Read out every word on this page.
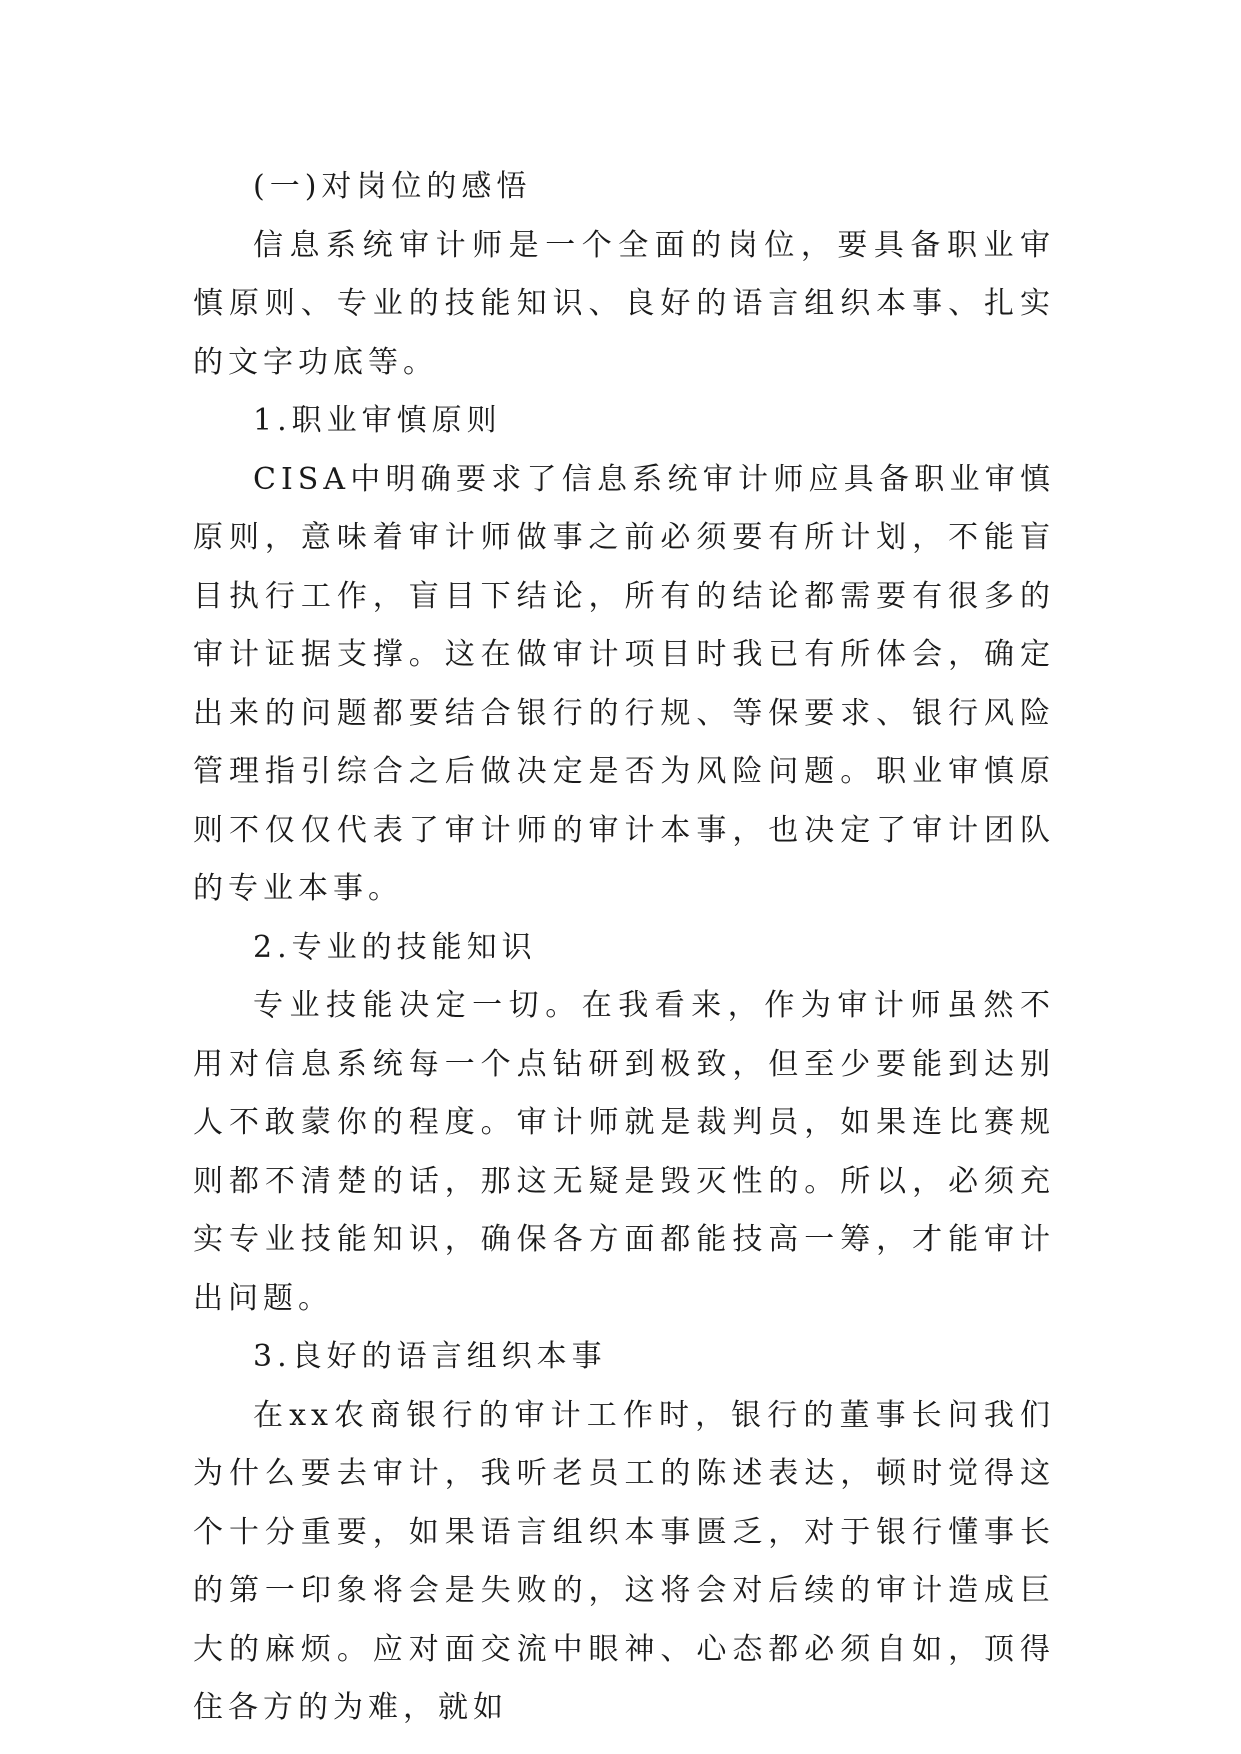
(一)对岗位的感悟

信息系统审计师是一个全面的岗位，要具备职业审慎原则、专业的技能知识、良好的语言组织本事、扎实的文字功底等。

1.职业审慎原则

CISA中明确要求了信息系统审计师应具备职业审慎原则，意味着审计师做事之前必须要有所计划，不能盲目执行工作，盲目下结论，所有的结论都需要有很多的审计证据支撑。这在做审计项目时我已有所体会，确定出来的问题都要结合银行的行规、等保要求、银行风险管理指引综合之后做决定是否为风险问题。职业审慎原则不仅仅代表了审计师的审计本事，也决定了审计团队的专业本事。

2.专业的技能知识

专业技能决定一切。在我看来，作为审计师虽然不用对信息系统每一个点钻研到极致，但至少要能到达别人不敢蒙你的程度。审计师就是裁判员，如果连比赛规则都不清楚的话，那这无疑是毁灭性的。所以，必须充实专业技能知识，确保各方面都能技高一筹，才能审计出问题。

3.良好的语言组织本事

在xx农商银行的审计工作时，银行的董事长问我们为什么要去审计，我听老员工的陈述表达，顿时觉得这个十分重要，如果语言组织本事匮乏，对于银行懂事长的第一印象将会是失败的，这将会对后续的审计造成巨大的麻烦。应对面交流中眼神、心态都必须自如，顶得住各方的为难，就如
